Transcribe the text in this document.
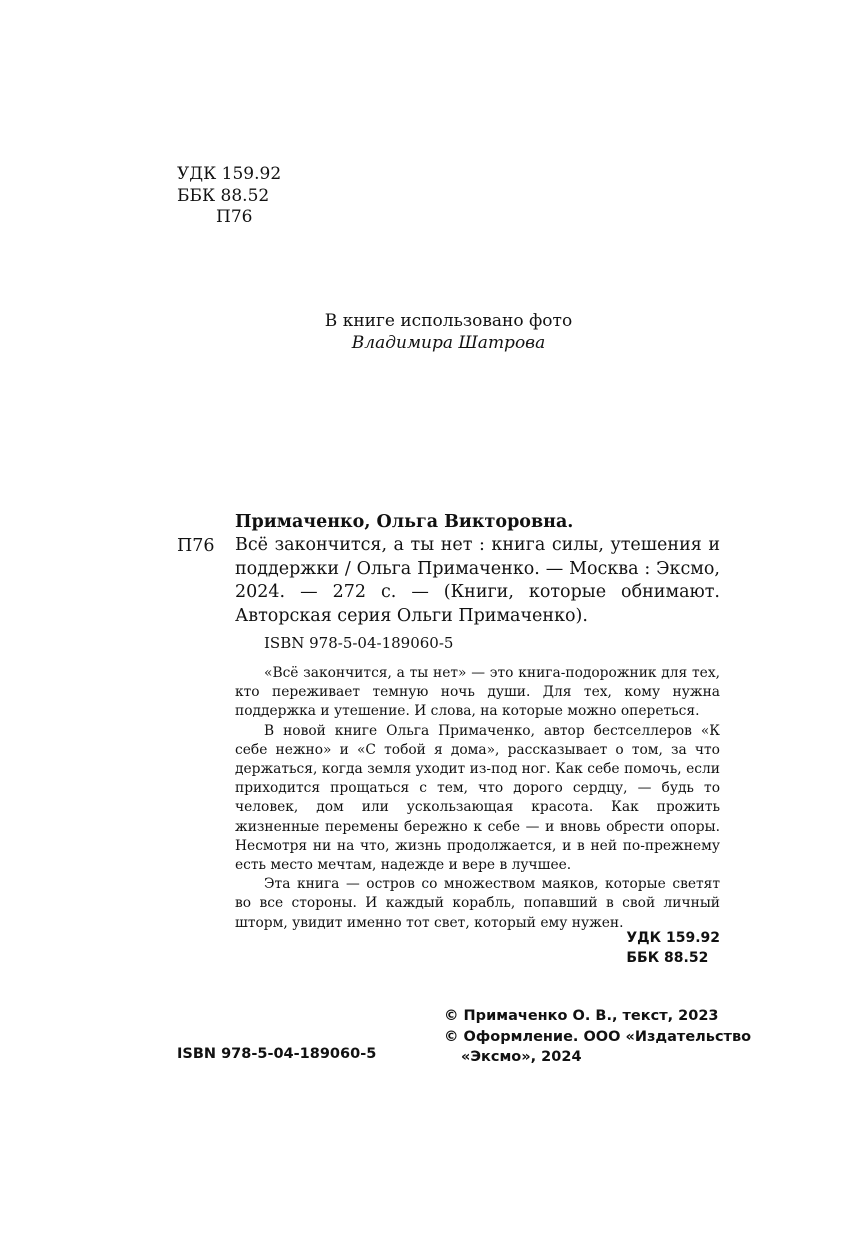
УДК 159.92
ББК 88.52
П76
В книге использовано фото
Владимира Шатрова
Примаченко, Ольга Викторовна.
П76 Всё закончится, а ты нет : книга силы, утешения и поддержки / Ольга Примаченко. — Москва : Эксмо, 2024. — 272 с. — (Книги, которые обнимают. Авторская серия Ольги Примаченко).

ISBN 978-5-04-189060-5

«Всё закончится, а ты нет» — это книга-подорожник для тех, кто переживает темную ночь души. Для тех, кому нужна поддержка и утешение. И слова, на которые можно опереться.

В новой книге Ольга Примаченко, автор бестселлеров «К себе нежно» и «С тобой я дома», рассказывает о том, за что держаться, когда земля уходит из-под ног. Как себе помочь, если приходится прощаться с тем, что дорого сердцу, — будь то человек, дом или ускользающая красота. Как прожить жизненные перемены бережно к себе — и вновь обрести опоры. Несмотря ни на что, жизнь продолжается, и в ней по-прежнему есть место мечтам, надежде и вере в лучшее.

Эта книга — остров со множеством маяков, которые светят во все стороны. И каждый корабль, попавший в свой личный шторм, увидит именно тот свет, который ему нужен.

УДК 159.92
ББК 88.52
© Примаченко О. В., текст, 2023
© Оформление. ООО «Издательство
«Эксмо», 2024
ISBN 978-5-04-189060-5
